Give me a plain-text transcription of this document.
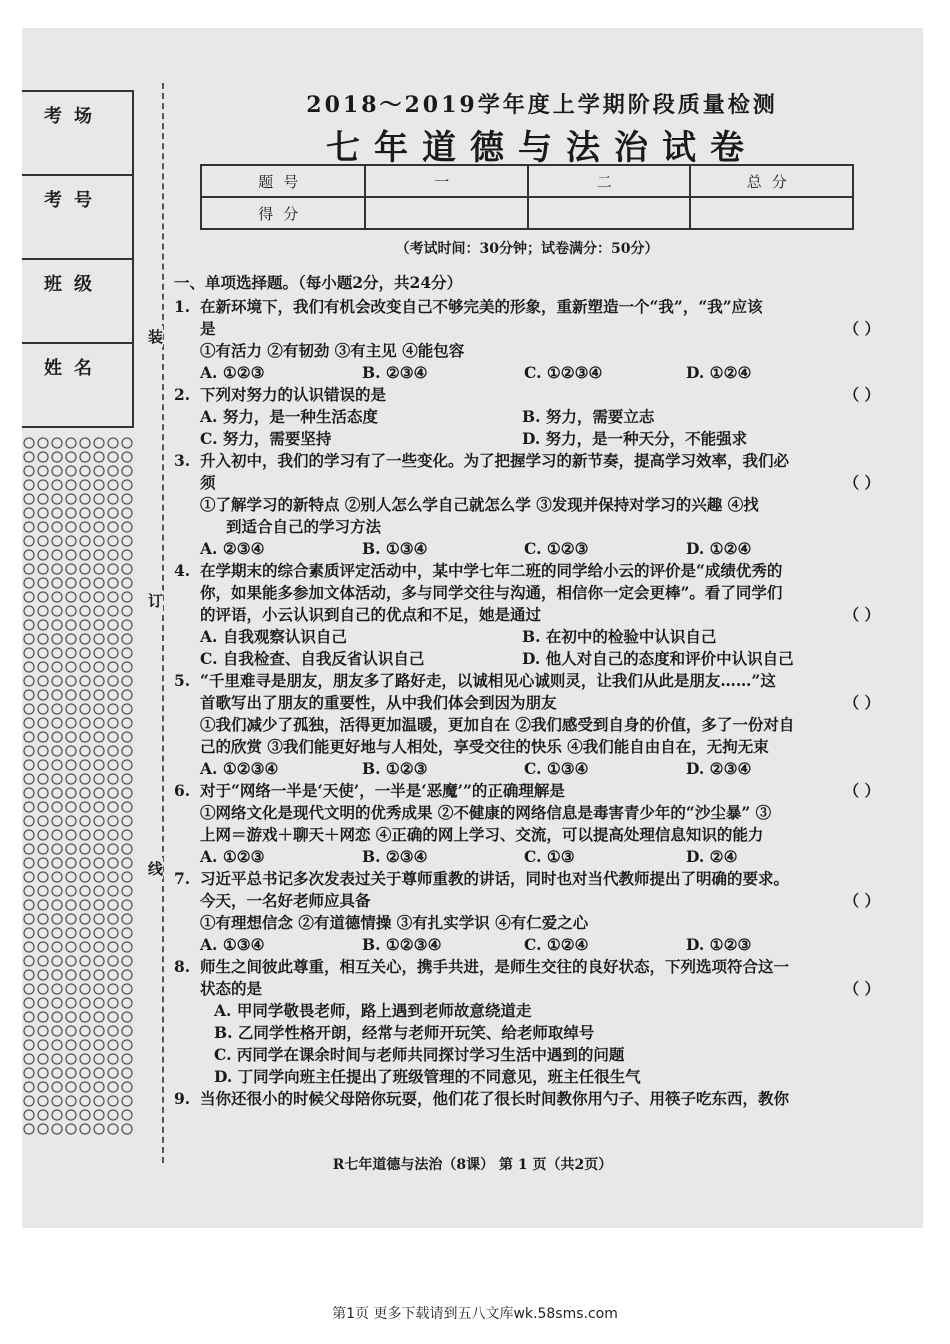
考场
考号
班级
姓名
装
订
线
2018～2019学年度上学期阶段质量检测
七年道德与法治试卷
题号	一	二	总分
得分			
（考试时间：30分钟；试卷满分：50分）
一、单项选择题。（每小题2分，共24分）
1. 在新环境下，我们有机会改变自己不够完美的形象，重新塑造一个“我”，“我”应该
是	（ ）
①有活力 ②有韧劲 ③有主见 ④能包容
A. ①②③	B. ②③④	C. ①②③④	D. ①②④
2. 下列对努力的认识错误的是	（ ）
A. 努力，是一种生活态度	B. 努力，需要立志
C. 努力，需要坚持	D. 努力，是一种天分，不能强求
3. 升入初中，我们的学习有了一些变化。为了把握学习的新节奏，提高学习效率，我们必
须	（ ）
①了解学习的新特点 ②别人怎么学自己就怎么学 ③发现并保持对学习的兴趣 ④找
到适合自己的学习方法
A. ②③④	B. ①③④	C. ①②③	D. ①②④
4. 在学期末的综合素质评定活动中，某中学七年二班的同学给小云的评价是“成绩优秀的
你，如果能多参加文体活动，多与同学交往与沟通，相信你一定会更棒”。看了同学们
的评语，小云认识到自己的优点和不足，她是通过	（ ）
A. 自我观察认识自己	B. 在初中的检验中认识自己
C. 自我检查、自我反省认识自己	D. 他人对自己的态度和评价中认识自己
5. “千里难寻是朋友，朋友多了路好走，以诚相见心诚则灵，让我们从此是朋友……”这
首歌写出了朋友的重要性，从中我们体会到因为朋友	（ ）
①我们减少了孤独，活得更加温暖，更加自在 ②我们感受到自身的价值，多了一份对自
己的欣赏 ③我们能更好地与人相处，享受交往的快乐 ④我们能自由自在，无拘无束
A. ①②③④	B. ①②③	C. ①③④	D. ②③④
6. 对于“网络一半是‘天使’，一半是‘恶魔’”的正确理解是	（ ）
①网络文化是现代文明的优秀成果 ②不健康的网络信息是毒害青少年的“沙尘暴” ③
上网＝游戏＋聊天＋网恋 ④正确的网上学习、交流，可以提高处理信息知识的能力
A. ①②③	B. ②③④	C. ①③	D. ②④
7. 习近平总书记多次发表过关于尊师重教的讲话，同时也对当代教师提出了明确的要求。
今天，一名好老师应具备	（ ）
①有理想信念 ②有道德情操 ③有扎实学识 ④有仁爱之心
A. ①③④	B. ①②③④	C. ①②④	D. ①②③
8. 师生之间彼此尊重，相互关心，携手共进，是师生交往的良好状态，下列选项符合这一
状态的是	（ ）
A. 甲同学敬畏老师，路上遇到老师故意绕道走
B. 乙同学性格开朗，经常与老师开玩笑、给老师取绰号
C. 丙同学在课余时间与老师共同探讨学习生活中遇到的问题
D. 丁同学向班主任提出了班级管理的不同意见，班主任很生气
9. 当你还很小的时候父母陪你玩耍，他们花了很长时间教你用勺子、用筷子吃东西，教你
R七年道德与法治（8课） 第 1 页（共2页）
第1页 更多下载请到五八文库wk.58sms.com
